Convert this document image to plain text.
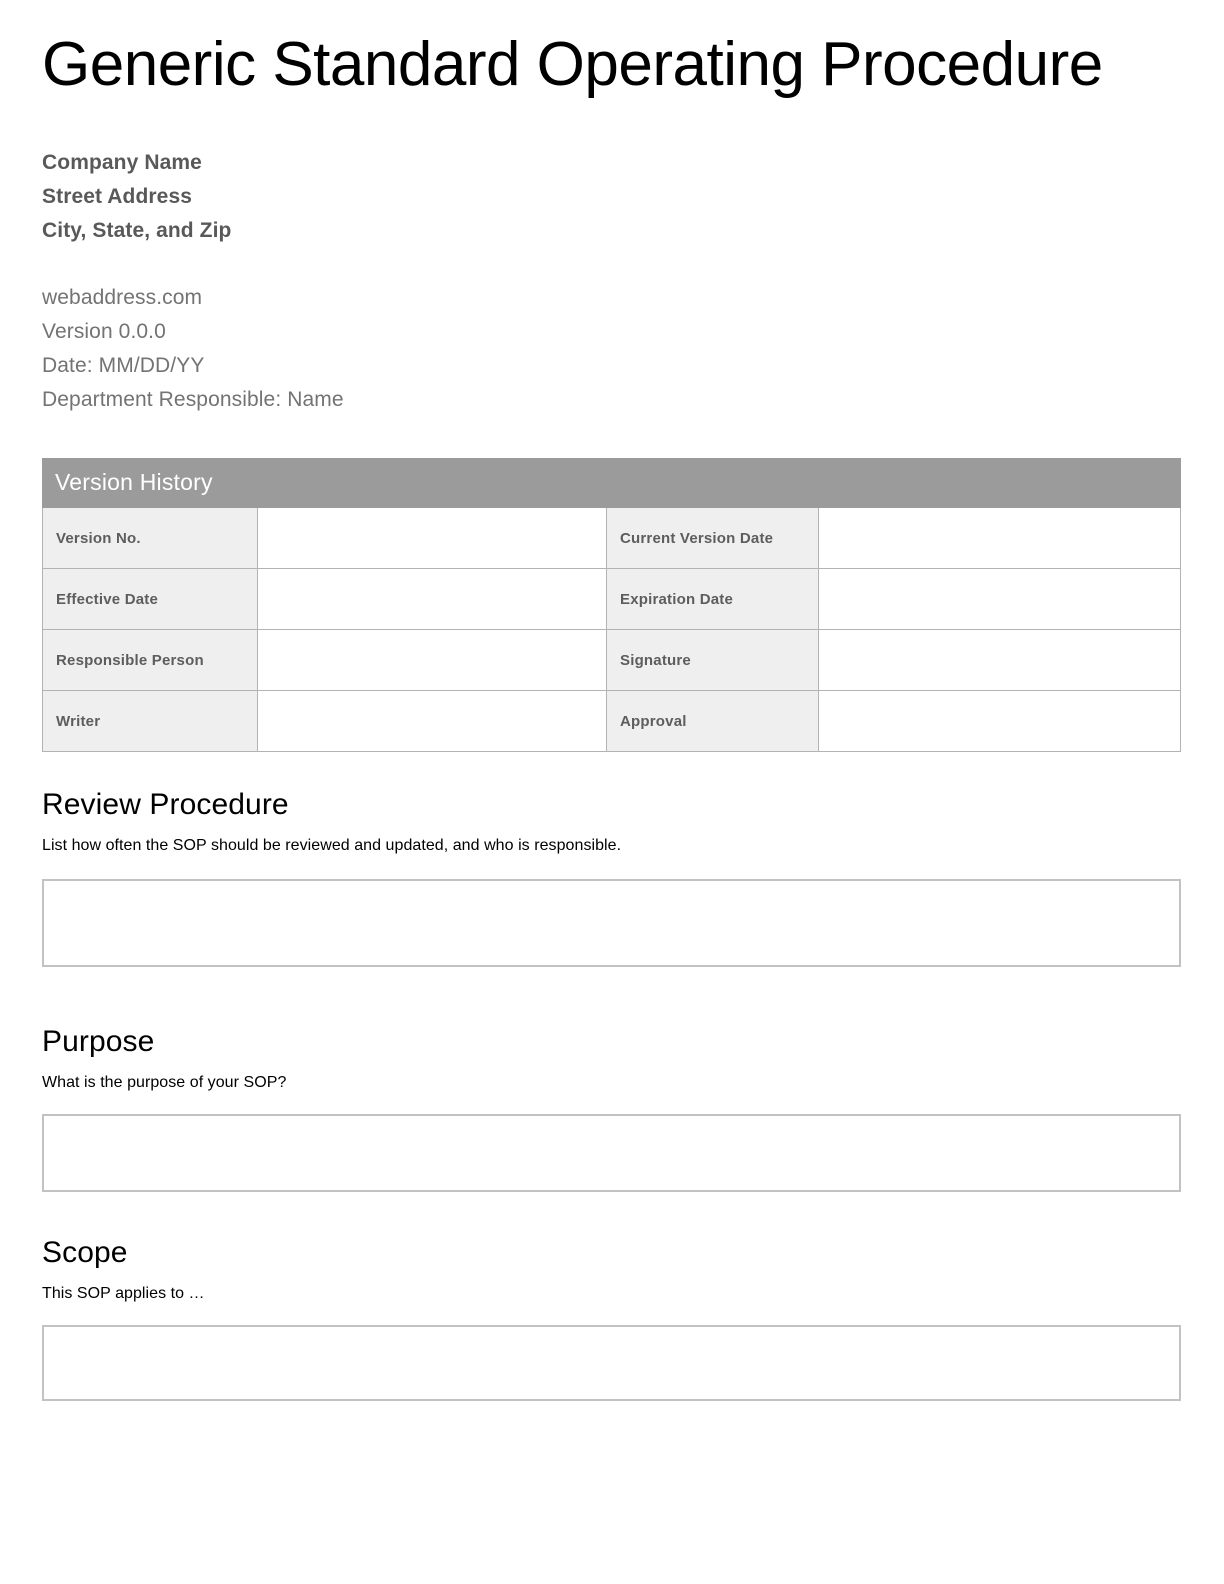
Generic Standard Operating Procedure
Company Name
Street Address
City, State, and Zip
webaddress.com
Version 0.0.0
Date: MM/DD/YY
Department Responsible: Name
Version History			
Version No.		Current Version Date	
Effective Date		Expiration Date	
Responsible Person		Signature	
Writer		Approval	
Review Procedure
List how often the SOP should be reviewed and updated, and who is responsible.
Purpose
What is the purpose of your SOP?
Scope
This SOP applies to …
